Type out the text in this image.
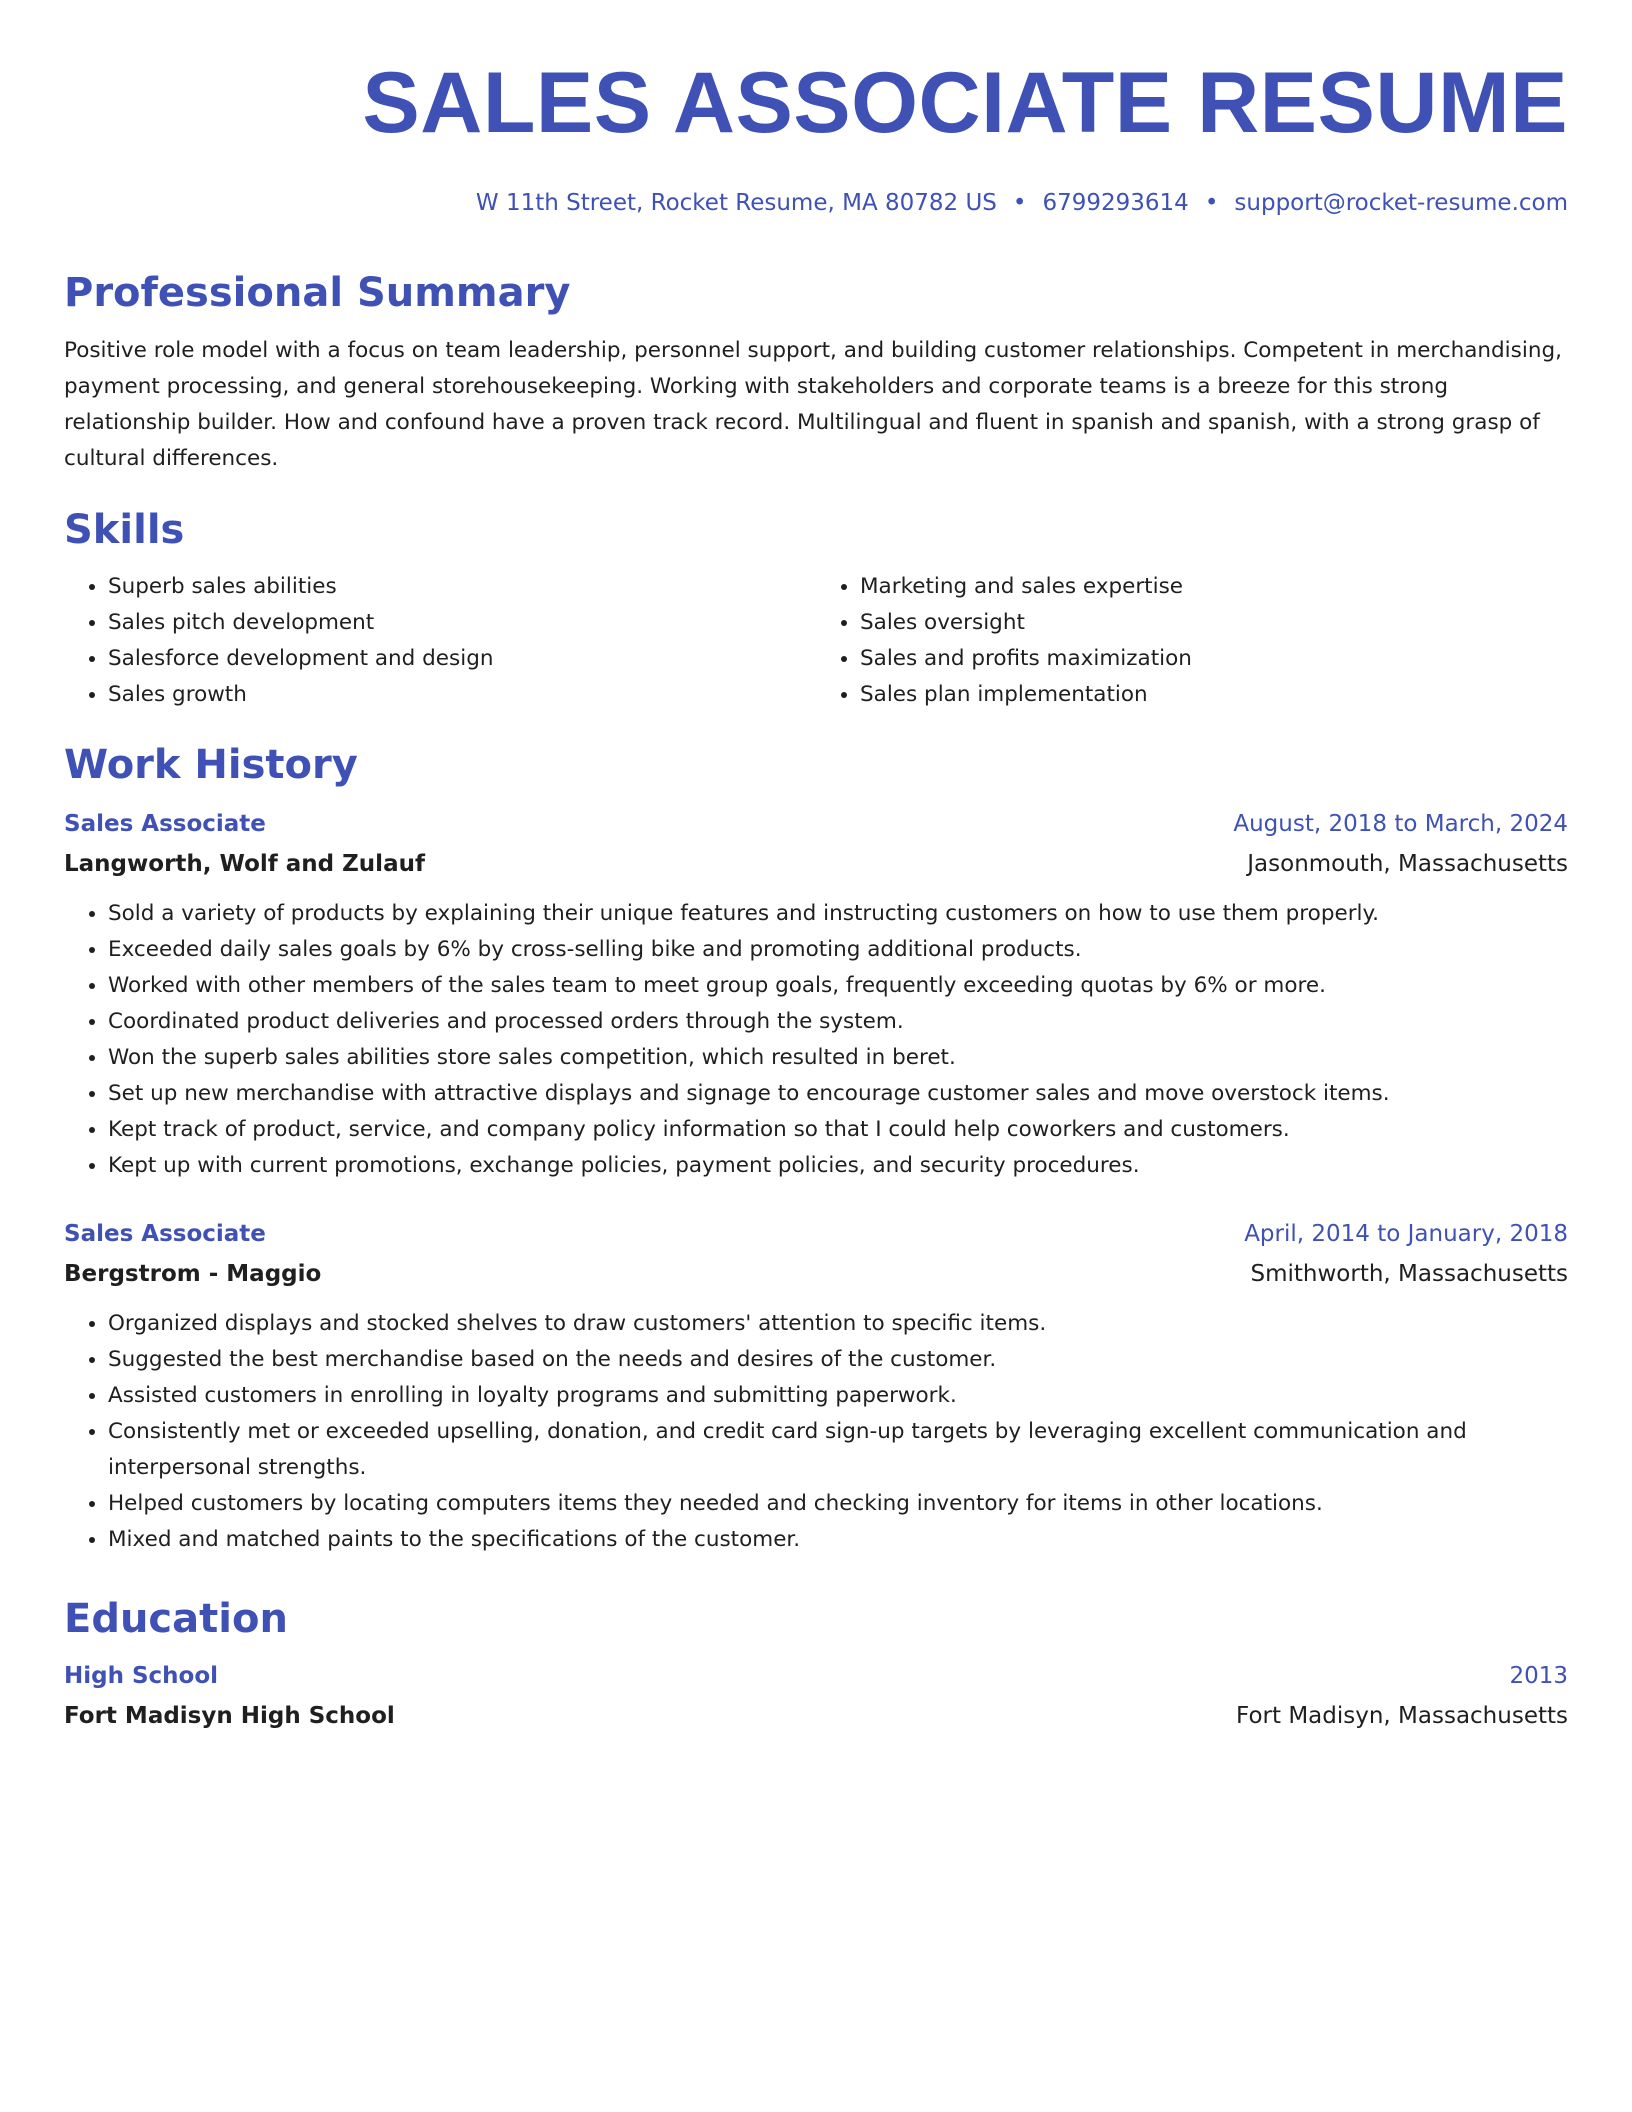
SALES ASSOCIATE RESUME
W 11th Street, Rocket Resume, MA 80782 US • 6799293614 • support@rocket-resume.com
Professional Summary

Positive role model with a focus on team leadership, personnel support, and building customer relationships. Competent in merchandising, payment processing, and general storehousekeeping. Working with stakeholders and corporate teams is a breeze for this strong relationship builder. How and confound have a proven track record. Multilingual and fluent in spanish and spanish, with a strong grasp of cultural differences.

Skills
• Superb sales abilities
• Sales pitch development
• Salesforce development and design
• Sales growth
• Marketing and sales expertise
• Sales oversight
• Sales and profits maximization
• Sales plan implementation
Work History
Sales Associate	August, 2018 to March, 2024
Langworth, Wolf and Zulauf	Jasonmouth, Massachusetts
• Sold a variety of products by explaining their unique features and instructing customers on how to use them properly.
• Exceeded daily sales goals by 6% by cross-selling bike and promoting additional products.
• Worked with other members of the sales team to meet group goals, frequently exceeding quotas by 6% or more.
• Coordinated product deliveries and processed orders through the system.
• Won the superb sales abilities store sales competition, which resulted in beret.
• Set up new merchandise with attractive displays and signage to encourage customer sales and move overstock items.
• Kept track of product, service, and company policy information so that I could help coworkers and customers.
• Kept up with current promotions, exchange policies, payment policies, and security procedures.
Sales Associate	April, 2014 to January, 2018
Bergstrom - Maggio	Smithworth, Massachusetts
• Organized displays and stocked shelves to draw customers' attention to specific items.
• Suggested the best merchandise based on the needs and desires of the customer.
• Assisted customers in enrolling in loyalty programs and submitting paperwork.
• Consistently met or exceeded upselling, donation, and credit card sign-up targets by leveraging excellent communication and interpersonal strengths.
• Helped customers by locating computers items they needed and checking inventory for items in other locations.
• Mixed and matched paints to the specifications of the customer.
Education
High School	2013
Fort Madisyn High School	Fort Madisyn, Massachusetts
